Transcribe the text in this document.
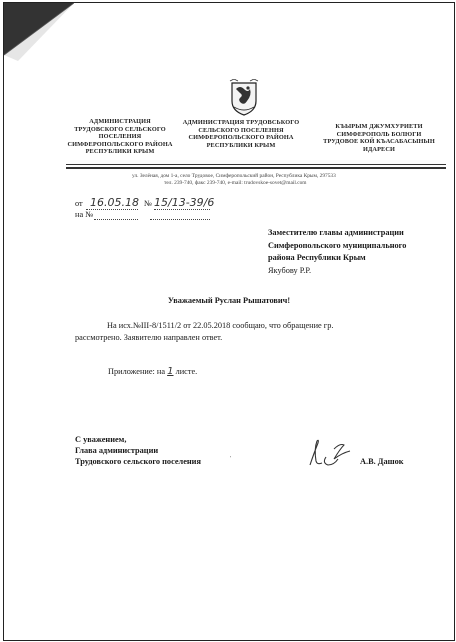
АДМИНИСТРАЦИЯ
ТРУДОВСКОГО СЕЛЬСКОГО
ПОСЕЛЕНИЯ
СИМФЕРОПОЛЬСКОГО РАЙОНА
РЕСПУБЛИКИ КРЫМ
АДМИНИСТРАЦИЯ ТРУДОВСЬКОГО
СЕЛЬСКОГО ПОСЕЛЕННЯ
СИМФЕРОПОЛЬСКОГО РАЙОНА
РЕСПУБЛИКИ КРЫМ
КЪЫРЫМ ДЖУМХУРИЕТИ
СИМФЕРОПОЛЬ БОЛЮГИ
ТРУДОВОЕ КОЙ КЪАСАБАСЫНЫН
ИДАРЕСИ
ул. Зелёная, дом 1-а, село Трудовое, Симферопольский район, Республика Крым, 297533
тел. 239-740, факс 239-740, e-mail: trudovskoe-sovet@mail.com
от 16.05.18 № 15/13-39/6
на №
Заместителю главы администрации
Симферопольского муниципального
района Республики Крым
Якубову Р.Р.
Уважаемый Руслан Рышатович!
На исх.№III-8/1511/2 от 22.05.2018 сообщаю, что обращение гр.
рассмотрено. Заявителю направлен ответ.
Приложение: на 1 листе.
С уважением,
Глава администрации
Трудовского сельского поселения	'	А.В. Дашок
